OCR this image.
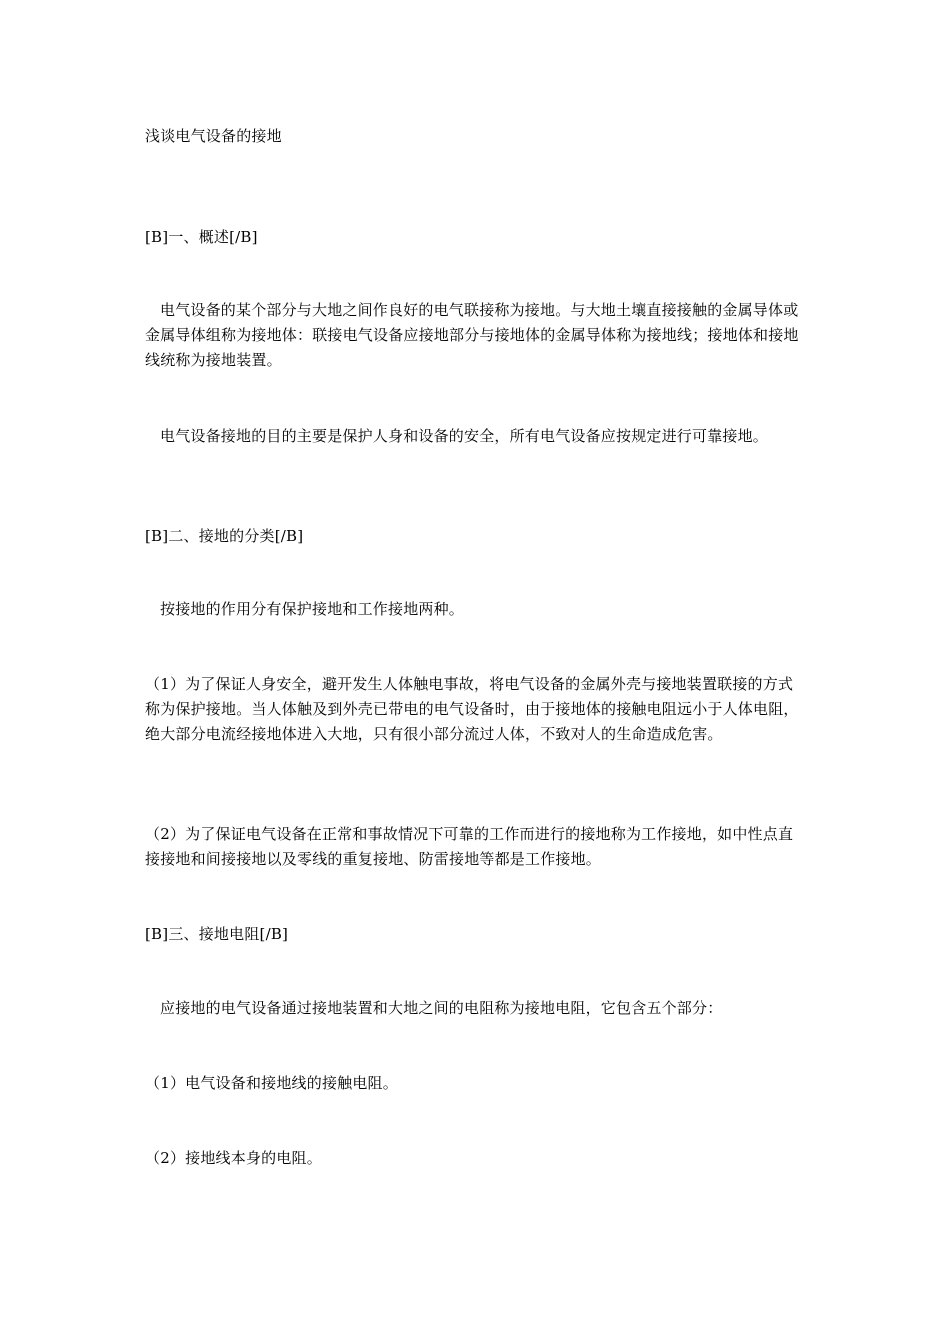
浅谈电气设备的接地

[B]一、概述[/B]

电气设备的某个部分与大地之间作良好的电气联接称为接地。与大地土壤直接接触的金属导体或金属导体组称为接地体：联接电气设备应接地部分与接地体的金属导体称为接地线；接地体和接地线统称为接地装置。

电气设备接地的目的主要是保护人身和设备的安全，所有电气设备应按规定进行可靠接地。

[B]二、接地的分类[/B]

按接地的作用分有保护接地和工作接地两种。

（1）为了保证人身安全，避开发生人体触电事故，将电气设备的金属外壳与接地装置联接的方式称为保护接地。当人体触及到外壳已带电的电气设备时，由于接地体的接触电阻远小于人体电阻，绝大部分电流经接地体进入大地，只有很小部分流过人体，不致对人的生命造成危害。

（2）为了保证电气设备在正常和事故情况下可靠的工作而进行的接地称为工作接地，如中性点直接接地和间接接地以及零线的重复接地、防雷接地等都是工作接地。

[B]三、接地电阻[/B]

应接地的电气设备通过接地装置和大地之间的电阻称为接地电阻，它包含五个部分：

（1）电气设备和接地线的接触电阻。

（2）接地线本身的电阻。
